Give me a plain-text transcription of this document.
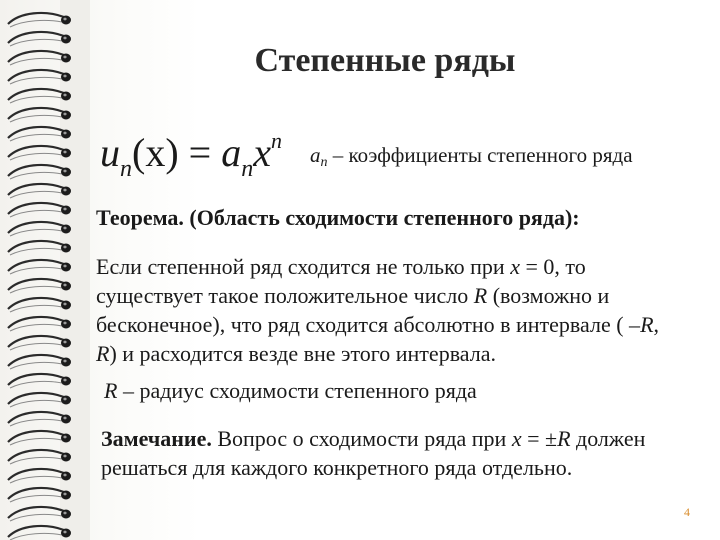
Степенные ряды
$u_n(x) = a_nx^n$
$a_n$ – коэффициенты степенного ряда
Теорема. (Область сходимости степенного ряда):
Если степенной ряд сходится не только при x = 0, то существует такое положительное число R (возможно и бесконечное), что ряд сходится абсолютно в интервале ( –R, R) и расходится везде вне этого интервала.
R – радиус сходимости степенного ряда
Замечание. Вопрос о сходимости ряда при x = ±R должен решаться для каждого конкретного ряда отдельно.
4
